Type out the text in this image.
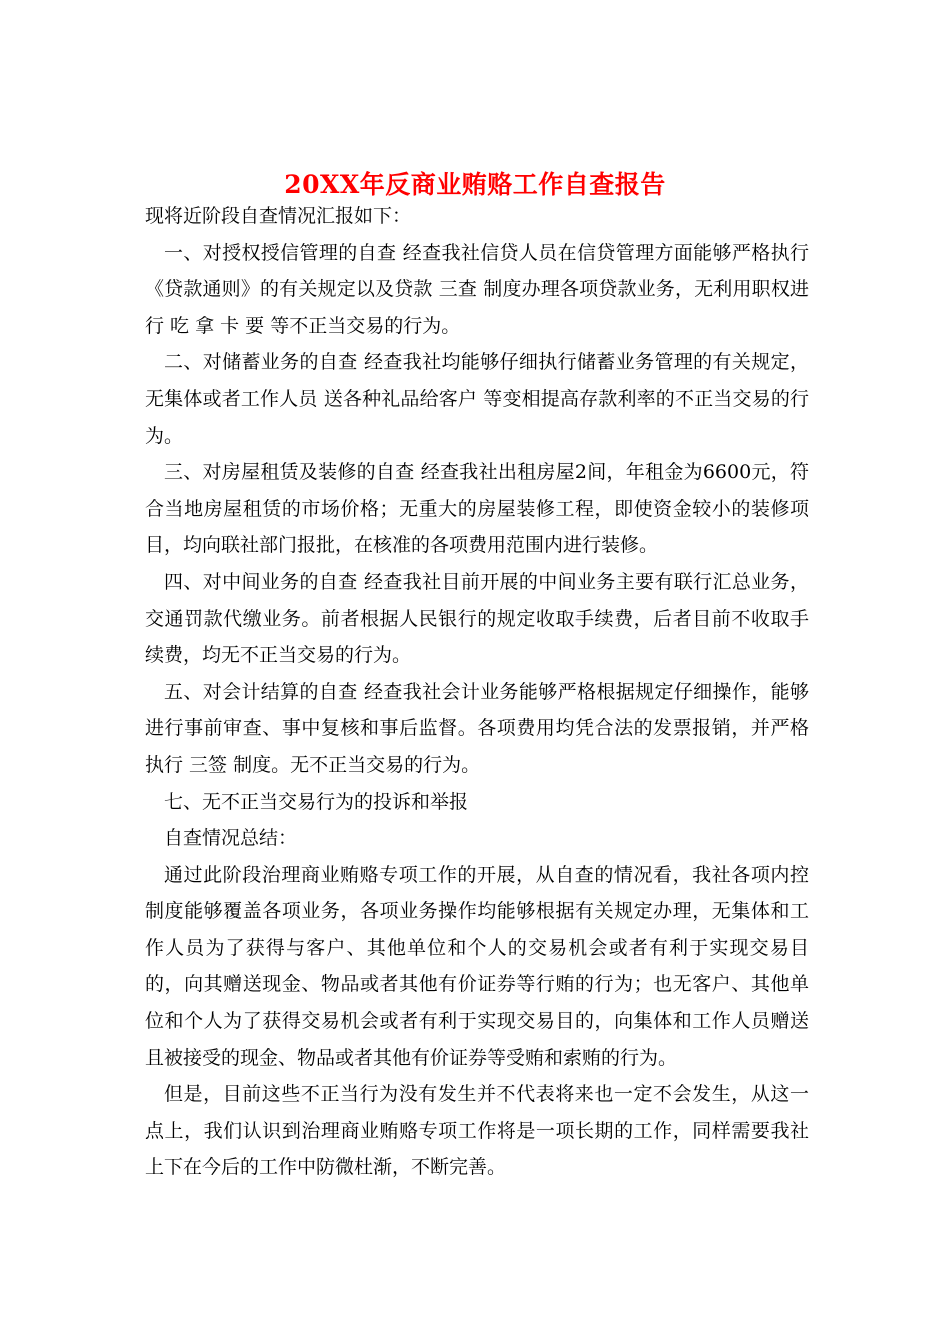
20XX年反商业贿赂工作自查报告

现将近阶段自查情况汇报如下：

一、对授权授信管理的自查 经查我社信贷人员在信贷管理方面能够严格执行《贷款通则》的有关规定以及贷款 三查 制度办理各项贷款业务，无利用职权进行 吃 拿 卡 要 等不正当交易的行为。

二、对储蓄业务的自查 经查我社均能够仔细执行储蓄业务管理的有关规定，无集体或者工作人员 送各种礼品给客户 等变相提高存款利率的不正当交易的行为。

三、对房屋租赁及装修的自查 经查我社出租房屋2间，年租金为6600元，符合当地房屋租赁的市场价格；无重大的房屋装修工程，即使资金较小的装修项目，均向联社部门报批，在核准的各项费用范围内进行装修。

四、对中间业务的自查 经查我社目前开展的中间业务主要有联行汇总业务，交通罚款代缴业务。前者根据人民银行的规定收取手续费，后者目前不收取手续费，均无不正当交易的行为。

五、对会计结算的自查 经查我社会计业务能够严格根据规定仔细操作，能够进行事前审查、事中复核和事后监督。各项费用均凭合法的发票报销，并严格执行 三签 制度。无不正当交易的行为。

七、无不正当交易行为的投诉和举报

自查情况总结：

通过此阶段治理商业贿赂专项工作的开展，从自查的情况看，我社各项内控制度能够覆盖各项业务，各项业务操作均能够根据有关规定办理，无集体和工作人员为了获得与客户、其他单位和个人的交易机会或者有利于实现交易目的，向其赠送现金、物品或者其他有价证券等行贿的行为；也无客户、其他单位和个人为了获得交易机会或者有利于实现交易目的，向集体和工作人员赠送且被接受的现金、物品或者其他有价证券等受贿和索贿的行为。

但是，目前这些不正当行为没有发生并不代表将来也一定不会发生，从这一点上，我们认识到治理商业贿赂专项工作将是一项长期的工作，同样需要我社上下在今后的工作中防微杜渐，不断完善。
